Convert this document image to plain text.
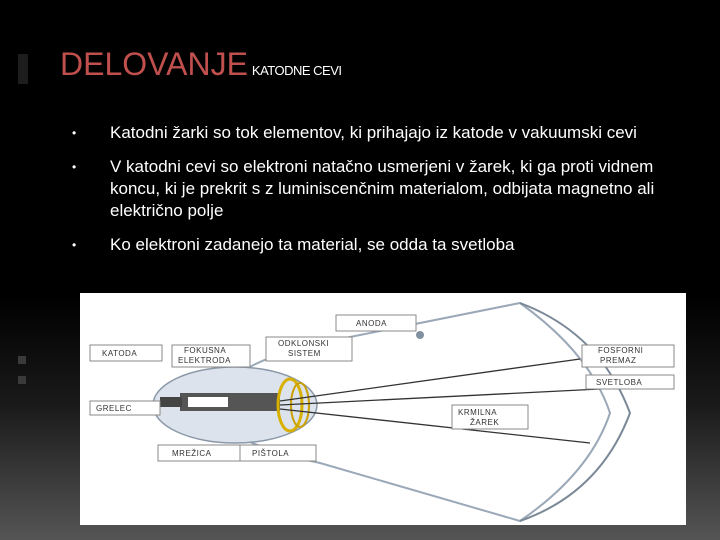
DELOVANJE KATODNE CEVI
•	Katodni žarki so tok elementov, ki prihajajo iz katode v vakuumski cevi
•	V katodni cevi so elektroni natačno usmerjeni v žarek, ki ga proti vidnem koncu, ki je prekrit s z luminiscenčnim materialom, odbijata magnetno ali električno polje
•	Ko elektroni zadanejo ta material, se odda ta svetloba
ANODA
KATODA	FOKUSNA
ELEKTRODA
ODKLONSKI
SISTEM	FOSFORNI
PREMAZ
SVETLOBA
GRELEC	KRMILNA
ŽAREK
MREŽICA	PIŠTOLA
